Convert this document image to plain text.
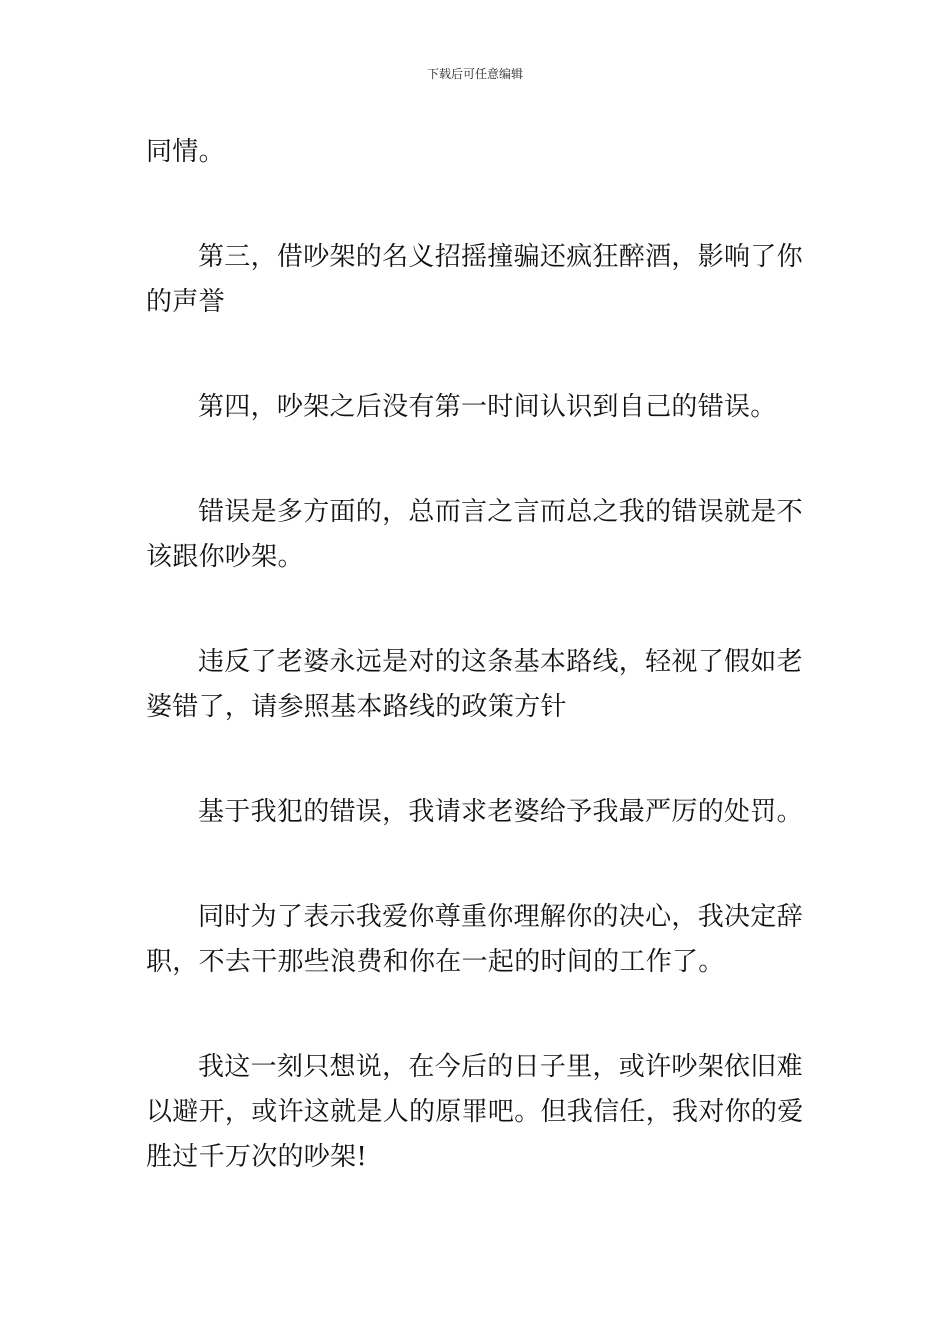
下载后可任意编辑

同情。

第三，借吵架的名义招摇撞骗还疯狂醉酒，影响了你的声誉

第四，吵架之后没有第一时间认识到自己的错误。

错误是多方面的，总而言之言而总之我的错误就是不该跟你吵架。

违反了老婆永远是对的这条基本路线，轻视了假如老婆错了，请参照基本路线的政策方针

基于我犯的错误，我请求老婆给予我最严厉的处罚。

同时为了表示我爱你尊重你理解你的决心，我决定辞职，不去干那些浪费和你在一起的时间的工作了。

我这一刻只想说，在今后的日子里，或许吵架依旧难以避开，或许这就是人的原罪吧。但我信任，我对你的爱胜过千万次的吵架!
